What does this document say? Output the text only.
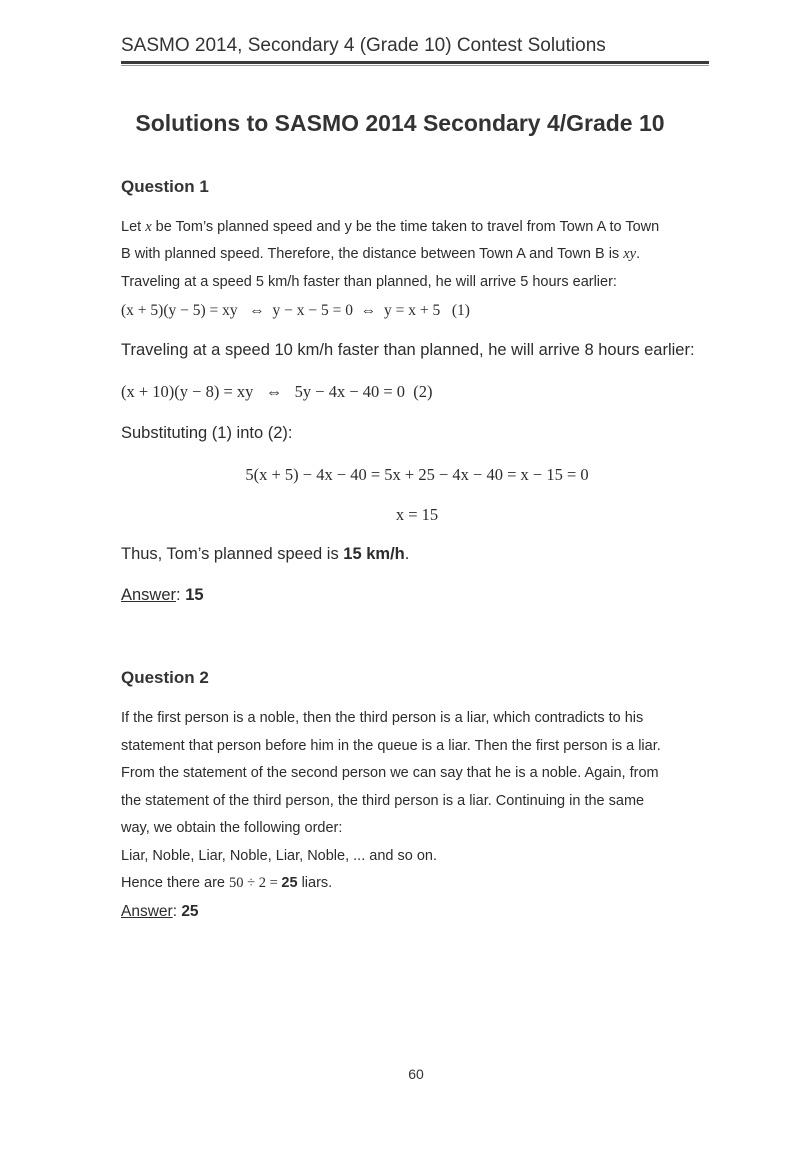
SASMO 2014, Secondary 4 (Grade 10) Contest Solutions
Solutions to SASMO 2014 Secondary 4/Grade 10
Question 1
Let x be Tom’s planned speed and y be the time taken to travel from Town A to Town
B with planned speed. Therefore, the distance between Town A and Town B is xy.
Traveling at a speed 5 km/h faster than planned, he will arrive 5 hours earlier:
(x + 5)(y − 5) = xy   ⇔  y − x − 5 = 0  ⇔  y = x + 5   (1)
Traveling at a speed 10 km/h faster than planned, he will arrive 8 hours earlier:
(x + 10)(y − 8) = xy   ⇔   5y − 4x − 40 = 0  (2)
Substituting (1) into (2):
5(x + 5) − 4x − 40 = 5x + 25 − 4x − 40 = x − 15 = 0
x = 15
Thus, Tom’s planned speed is 15 km/h.
Answer: 15
Question 2
If the first person is a noble, then the third person is a liar, which contradicts to his
statement that person before him in the queue is a liar. Then the first person is a liar.
From the statement of the second person we can say that he is a noble. Again, from
the statement of the third person, the third person is a liar. Continuing in the same
way, we obtain the following order:
Liar, Noble, Liar, Noble, Liar, Noble, ... and so on.
Hence there are 50 ÷ 2 = 25 liars.
Answer: 25
60
